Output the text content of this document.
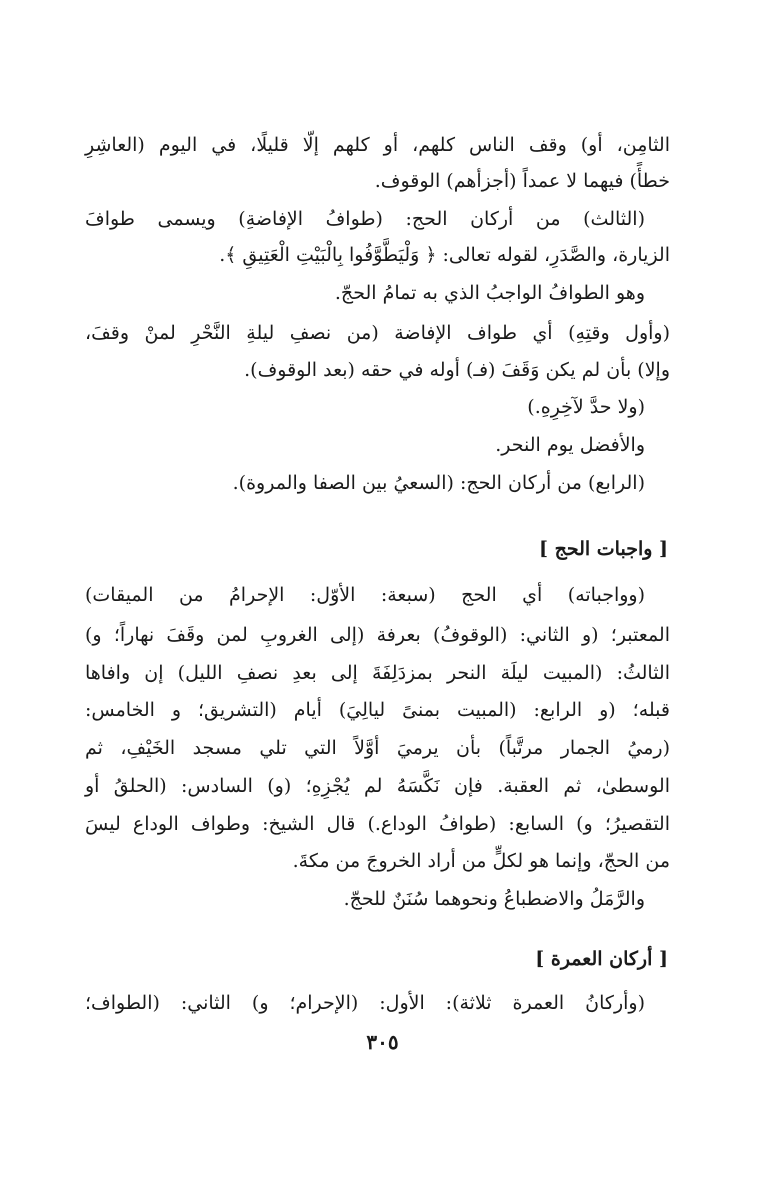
الثامِن، أو) وقف الناس كلهم، أو كلهم إلّا قليلًا، في اليوم (العاشِرِ
خطأً) فيهما لا عمداً (أجزأهم) الوقوف.
(الثالث) من أركان الحج: (طوافُ الإفاضةِ) ويسمى طوافَ
الزيارة، والصَّدَرِ، لقوله تعالى: ﴿ وَلْيَطَّوَّفُوا بِالْبَيْتِ الْعَتِيقِ ﴾.
وهو الطوافُ الواجبُ الذي به تمامُ الحجّ.
(وأول وقتِهِ) أي طواف الإفاضة (من نصفِ ليلةِ النَّحْرِ لمنْ وقفَ،
وإلا) بأن لم يكن وَقَفَ (فـ) أوله في حقه (بعد الوقوف).
(ولا حدَّ لآخِرِهِ.)
والأفضل يوم النحر.
(الرابع) من أركان الحج: (السعيُ بين الصفا والمروة).
[ واجبات الحج ]
(وواجباته) أي الحج (سبعة: الأوّل: الإحرامُ من الميقات)
المعتبر؛ (و الثاني: (الوقوفُ) بعرفة (إلى الغروبِ لمن وقَفَ نهاراً؛ و)
الثالثُ: (المبيت ليلَة النحر بمزدَلِفَةَ إلى بعدِ نصفِ الليل) إن وافاها
قبله؛ (و الرابع: (المبيت بمنىً ليالِيَ) أيام (التشريق؛ و الخامس:
(رميُ الجمار مرتَّباً) بأن يرميَ أوَّلاً التي تلي مسجد الخَيْفِ، ثم
الوسطىٰ، ثم العقبة. فإن نَكَّسَهُ لم يُجْزِهِ؛ (و) السادس: (الحلقُ أو
التقصيرُ؛ و) السابع: (طوافُ الوداع.) قال الشيخ: وطواف الوداع ليسَ
من الحجّ، وإنما هو لكلٍّ من أراد الخروجَ من مكةَ.
والرَّمَلُ والاضطباعُ ونحوهما سُنَنٌ للحجّ.
[ أركان العمرة ]
(وأركانُ العمرة ثلاثة): الأول: (الإحرام؛ و) الثاني: (الطواف؛
٣٠٥
